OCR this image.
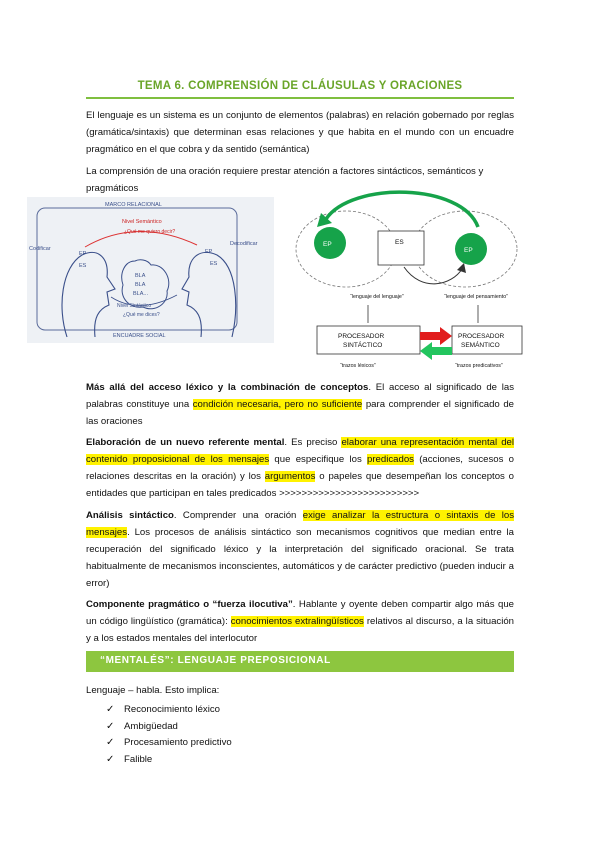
TEMA 6. COMPRENSIÓN DE CLÁUSULAS Y ORACIONES
El lenguaje es un sistema es un conjunto de elementos (palabras) en relación gobernado por reglas (gramática/sintaxis) que determinan esas relaciones y que habita en el mundo con un encuadre pragmático en el que cobra y da sentido (semántica)
La comprensión de una oración requiere prestar atención a factores sintácticos, semánticos y pragmáticos
MARCO RELACIONAL
Nivel Semántico
¿Qué me quiero decir?
Codificar
Decodificar
EP
ES
EP
ES
BLA
BLA
BLA...
Nivel Sintáctico
¿Qué me dices?
ENCUADRE SOCIAL
EP
EP
ES
“lenguaje del lenguaje”	“lenguaje del pensamiento”
PROCESADOR
SINTÁCTICO
PROCESADOR
SEMÁNTICO
“trazos léxicos”	“trazos predicativos”
Más allá del acceso léxico y la combinación de conceptos. El acceso al significado de las palabras constituye una condición necesaria, pero no suficiente para comprender el significado de las oraciones
Elaboración de un nuevo referente mental. Es preciso elaborar una representación mental del contenido proposicional de los mensajes que especifique los predicados (acciones, sucesos o relaciones descritas en la oración) y los argumentos o papeles que desempeñan los conceptos o entidades que participan en tales predicados >>>>>>>>>>>>>>>>>>>>>>>>>
Análisis sintáctico. Comprender una oración exige analizar la estructura o sintaxis de los mensajes. Los procesos de análisis sintáctico son mecanismos cognitivos que median entre la recuperación del significado léxico y la interpretación del significado oracional. Se trata habitualmente de mecanismos inconscientes, automáticos y de carácter predictivo (pueden inducir a error)
Componente pragmático o “fuerza ilocutiva”. Hablante y oyente deben compartir algo más que un código lingüístico (gramática): conocimientos extralingüísticos relativos al discurso, a la situación y a los estados mentales del interlocutor
“MENTALÉS”: LENGUAJE PREPOSICIONAL
Lenguaje – habla. Esto implica:
✓ Reconocimiento léxico
✓ Ambigüedad
✓ Procesamiento predictivo
✓ Falible
